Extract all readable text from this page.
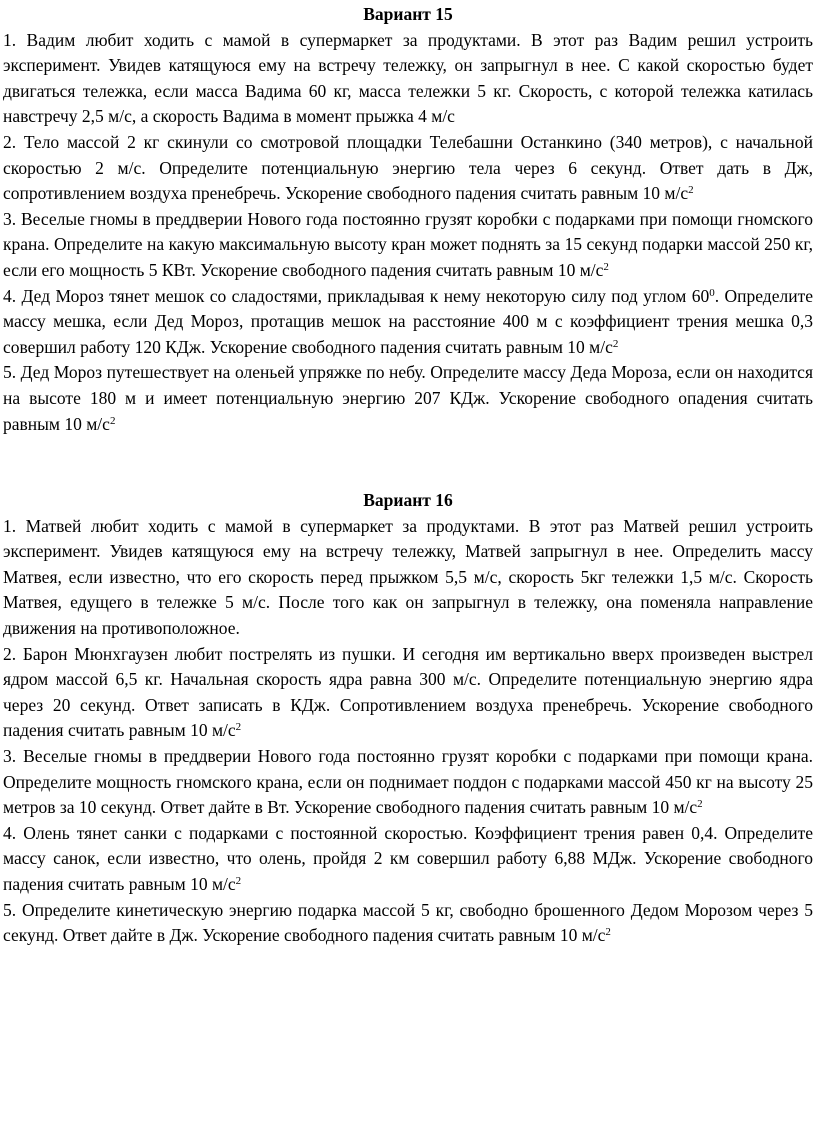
Вариант 15

1. Вадим любит ходить с мамой в супермаркет за продуктами. В этот раз Вадим решил устроить эксперимент. Увидев катящуюся ему на встречу тележку, он запрыгнул в нее. С какой скоростью будет двигаться тележка, если масса Вадима 60 кг, масса тележки 5 кг. Скорость, с которой тележка катилась навстречу 2,5 м/с, а скорость Вадима в момент прыжка 4 м/с

2. Тело массой 2 кг скинули со смотровой площадки Телебашни Останкино (340 метров), с начальной скоростью 2 м/с. Определите потенциальную энергию тела через 6 секунд. Ответ дать в Дж, сопротивлением воздуха пренебречь. Ускорение свободного падения считать равным 10 $м/с^2$

3. Веселые гномы в преддверии Нового года постоянно грузят коробки с подарками при помощи гномского крана. Определите на какую максимальную высоту кран может поднять за 15 секунд подарки массой 250 кг, если его мощность 5 КВт. Ускорение свободного падения считать равным 10 $м/с^2$

4. Дед Мороз тянет мешок со сладостями, прикладывая к нему некоторую силу под углом $60^0$. Определите массу мешка, если Дед Мороз, протащив мешок на расстояние 400 м с коэффициент трения мешка 0,3 совершил работу 120 КДж. Ускорение свободного падения считать равным 10 $м/с^2$

5. Дед Мороз путешествует на оленьей упряжке по небу. Определите массу Деда Мороза, если он находится на высоте 180 м и имеет потенциальную энергию 207 КДж. Ускорение свободного опадения считать равным 10 $м/с^2$

Вариант 16

1. Матвей любит ходить с мамой в супермаркет за продуктами. В этот раз Матвей решил устроить эксперимент. Увидев катящуюся ему на встречу тележку, Матвей запрыгнул в нее. Определить массу Матвея, если известно, что его скорость перед прыжком 5,5 м/с, скорость 5кг тележки 1,5 м/с. Скорость Матвея, едущего в тележке 5 м/с. После того как он запрыгнул в тележку, она поменяла направление движения на противоположное.

2. Барон Мюнхгаузен любит пострелять из пушки. И сегодня им вертикально вверх произведен выстрел ядром массой 6,5 кг. Начальная скорость ядра равна 300 м/с. Определите потенциальную энергию ядра через 20 секунд. Ответ записать в КДж. Сопротивлением воздуха пренебречь. Ускорение свободного падения считать равным 10 $м/с^2$

3. Веселые гномы в преддверии Нового года постоянно грузят коробки с подарками при помощи крана. Определите мощность гномского крана, если он поднимает поддон с подарками массой 450 кг на высоту 25 метров за 10 секунд. Ответ дайте в Вт. Ускорение свободного падения считать равным 10 $м/с^2$

4. Олень тянет санки с подарками с постоянной скоростью. Коэффициент трения равен 0,4. Определите массу санок, если известно, что олень, пройдя 2 км совершил работу 6,88 МДж. Ускорение свободного падения считать равным 10 $м/с^2$

5. Определите кинетическую энергию подарка массой 5 кг, свободно брошенного Дедом Морозом через 5 секунд. Ответ дайте в Дж. Ускорение свободного падения считать равным 10 $м/с^2$
